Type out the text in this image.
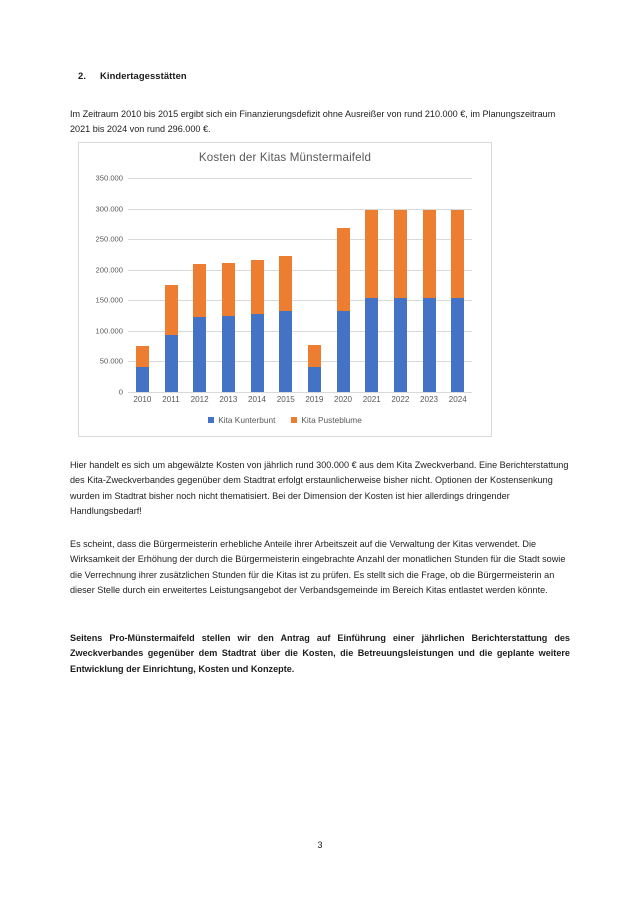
2.	Kindertagesstätten

Im Zeitraum 2010 bis 2015 ergibt sich ein Finanzierungsdefizit ohne Ausreißer von rund 210.000 €, im Planungszeitraum 2021 bis 2024 von rund 296.000 €.

Kosten der Kitas Münstermaifeld
350.000
300.000
250.000
200.000
150.000
100.000
50.000
0
2010	2011	2012	2013	2014	2015	2019	2020	2021	2022	2023	2024
Kita Kunterbunt	Kita Pusteblume

Hier handelt es sich um abgewälzte Kosten von jährlich rund 300.000 € aus dem Kita Zweckverband. Eine Berichterstattung des Kita-Zweckverbandes gegenüber dem Stadtrat erfolgt erstaunlicherweise bisher nicht. Optionen der Kostensenkung wurden im Stadtrat bisher noch nicht thematisiert. Bei der Dimension der Kosten ist hier allerdings dringender Handlungsbedarf!

Es scheint, dass die Bürgermeisterin erhebliche Anteile ihrer Arbeitszeit auf die Verwaltung der Kitas verwendet. Die Wirksamkeit der Erhöhung der durch die Bürgermeisterin eingebrachte Anzahl der monatlichen Stunden für die Stadt sowie die Verrechnung ihrer zusätzlichen Stunden für die Kitas ist zu prüfen. Es stellt sich die Frage, ob die Bürgermeisterin an dieser Stelle durch ein erweitertes Leistungsangebot der Verbandsgemeinde im Bereich Kitas entlastet werden könnte.

Seitens Pro-Münstermaifeld stellen wir den Antrag auf Einführung einer jährlichen Berichterstattung des Zweckverbandes gegenüber dem Stadtrat über die Kosten, die Betreuungsleistungen und die geplante weitere Entwicklung der Einrichtung, Kosten und Konzepte.

3
